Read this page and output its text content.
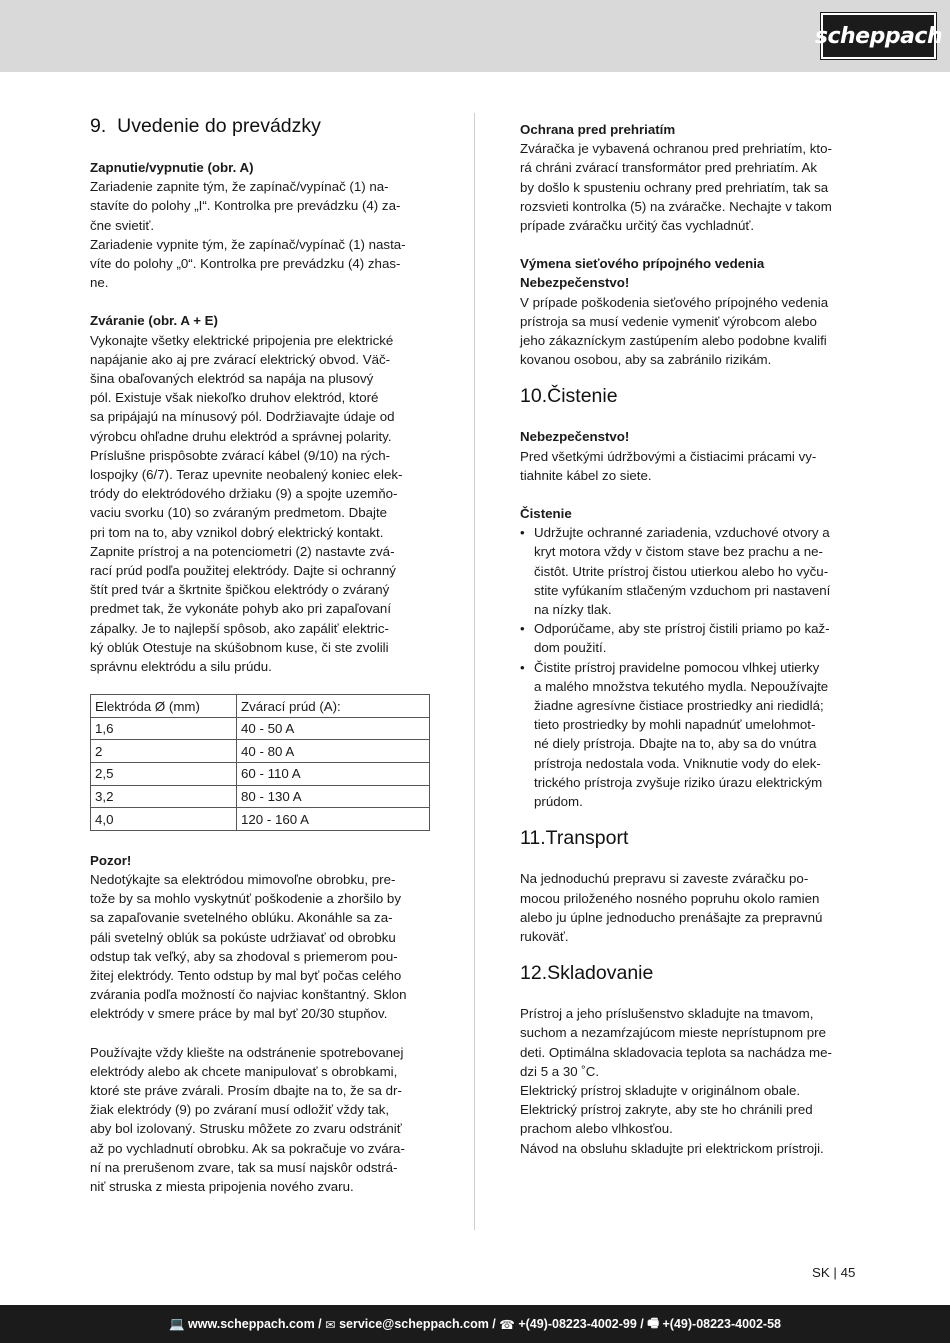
scheppach
9. Uvedenie do prevádzky

Zapnutie/vypnutie (obr. A)

Zariadenie zapnite tým, že zapínač/vypínač (1) na-
stavíte do polohy „I“. Kontrolka pre prevádzku (4) za-
čne svietiť.
Zariadenie vypnite tým, že zapínač/vypínač (1) nasta-
víte do polohy „0“. Kontrolka pre prevádzku (4) zhas-
ne.

Zváranie (obr. A + E)

Vykonajte všetky elektrické pripojenia pre elektrické
napájanie ako aj pre zvárací elektrický obvod. Väč-
šina obaľovaných elektród sa napája na plusový
pól. Existuje však niekoľko druhov elektród, ktoré
sa pripájajú na mínusový pól. Dodržiavajte údaje od
výrobcu ohľadne druhu elektród a správnej polarity.
Príslušne prispôsobte zvárací kábel (9/10) na rých-
lospojky (6/7). Teraz upevnite neobalený koniec elek-
tródy do elektródového držiaku (9) a spojte uzemňo-
vaciu svorku (10) so zváraným predmetom. Dbajte
pri tom na to, aby vznikol dobrý elektrický kontakt.
Zapnite prístroj a na potenciometri (2) nastavte zvá-
rací prúd podľa použitej elektródy. Dajte si ochranný
štít pred tvár a škrtnite špičkou elektródy o zváraný
predmet tak, že vykonáte pohyb ako pri zapaľovaní
zápalky. Je to najlepší spôsob, ako zapáliť elektric-
ký oblúk Otestuje na skúšobnom kuse, či ste zvolili
správnu elektródu a silu prúdu.
Elektróda Ø (mm)	Zvárací prúd (A):
1,6	40 - 50 A
2	40 - 80 A
2,5	60 - 110 A
3,2	80 - 130 A
4,0	120 - 160 A

Pozor!

Nedotýkajte sa elektródou mimovoľne obrobku, pre-
tože by sa mohlo vyskytnúť poškodenie a zhoršilo by
sa zapaľovanie svetelného oblúku. Akonáhle sa za-
páli svetelný oblúk sa pokúste udržiavať od obrobku
odstup tak veľký, aby sa zhodoval s priemerom pou-
žitej elektródy. Tento odstup by mal byť počas celého
zvárania podľa možností čo najviac konštantný. Sklon
elektródy v smere práce by mal byť 20/30 stupňov.
Používajte vždy kliešte na odstránenie spotrebovanej
elektródy alebo ak chcete manipulovať s obrobkami,
ktoré ste práve zvárali. Prosím dbajte na to, že sa dr-
žiak elektródy (9) po zváraní musí odložiť vždy tak,
aby bol izolovaný. Strusku môžete zo zvaru odstrániť
až po vychladnutí obrobku. Ak sa pokračuje vo zvára-
ní na prerušenom zvare, tak sa musí najskôr odstrá-
niť struska z miesta pripojenia nového zvaru.

Ochrana pred prehriatím

Zváračka je vybavená ochranou pred prehriatím, kto-
rá chráni zvárací transformátor pred prehriatím. Ak
by došlo k spusteniu ochrany pred prehriatím, tak sa
rozsvieti kontrolka (5) na zváračke. Nechajte v takom
prípade zváračku určitý čas vychladnúť.

Výmena sieťového prípojného vedenia

Nebezpečenstvo!

V prípade poškodenia sieťového prípojného vedenia
prístroja sa musí vedenie vymeniť výrobcom alebo
jeho zákazníckym zastúpením alebo podobne kvalifi
kovanou osobou, aby sa zabránilo rizikám.
10.Čistenie

Nebezpečenstvo!

Pred všetkými údržbovými a čistiacimi prácami vy-
tiahnite kábel zo siete.

Čistenie

• Udržujte ochranné zariadenia, vzduchové otvory a
kryt motora vždy v čistom stave bez prachu a ne-
čistôt. Utrite prístroj čistou utierkou alebo ho vyču-
stite vyfúkaním stlačeným vzduchom pri nastavení
na nízky tlak.
• Odporúčame, aby ste prístroj čistili priamo po kaž-
dom použití.
• Čistite prístroj pravidelne pomocou vlhkej utierky
a malého množstva tekutého mydla. Nepoužívajte
žiadne agresívne čistiace prostriedky ani riedidlá;
tieto prostriedky by mohli napadnúť umelohmot-
né diely prístroja. Dbajte na to, aby sa do vnútra
prístroja nedostala voda. Vniknutie vody do elek-
trického prístroja zvyšuje riziko úrazu elektrickým
prúdom.
11.Transport
Na jednoduchú prepravu si zaveste zváračku po-
mocou priloženého nosného popruhu okolo ramien
alebo ju úplne jednoducho prenášajte za prepravnú
rukoväť.
12.Skladovanie
Prístroj a jeho príslušenstvo skladujte na tmavom,
suchom a nezamŕzajúcom mieste neprístupnom pre
deti. Optimálna skladovacia teplota sa nachádza me-
dzi 5 a 30 ˚C.
Elektrický prístroj skladujte v originálnom obale.
Elektrický prístroj zakryte, aby ste ho chránili pred
prachom alebo vlhkosťou.
Návod na obsluhu skladujte pri elektrickom prístroji.
SK | 45
💻 www.scheppach.com / ✉ service@scheppach.com / ☎ +(49)-08223-4002-99 / 🖷 +(49)-08223-4002-58
